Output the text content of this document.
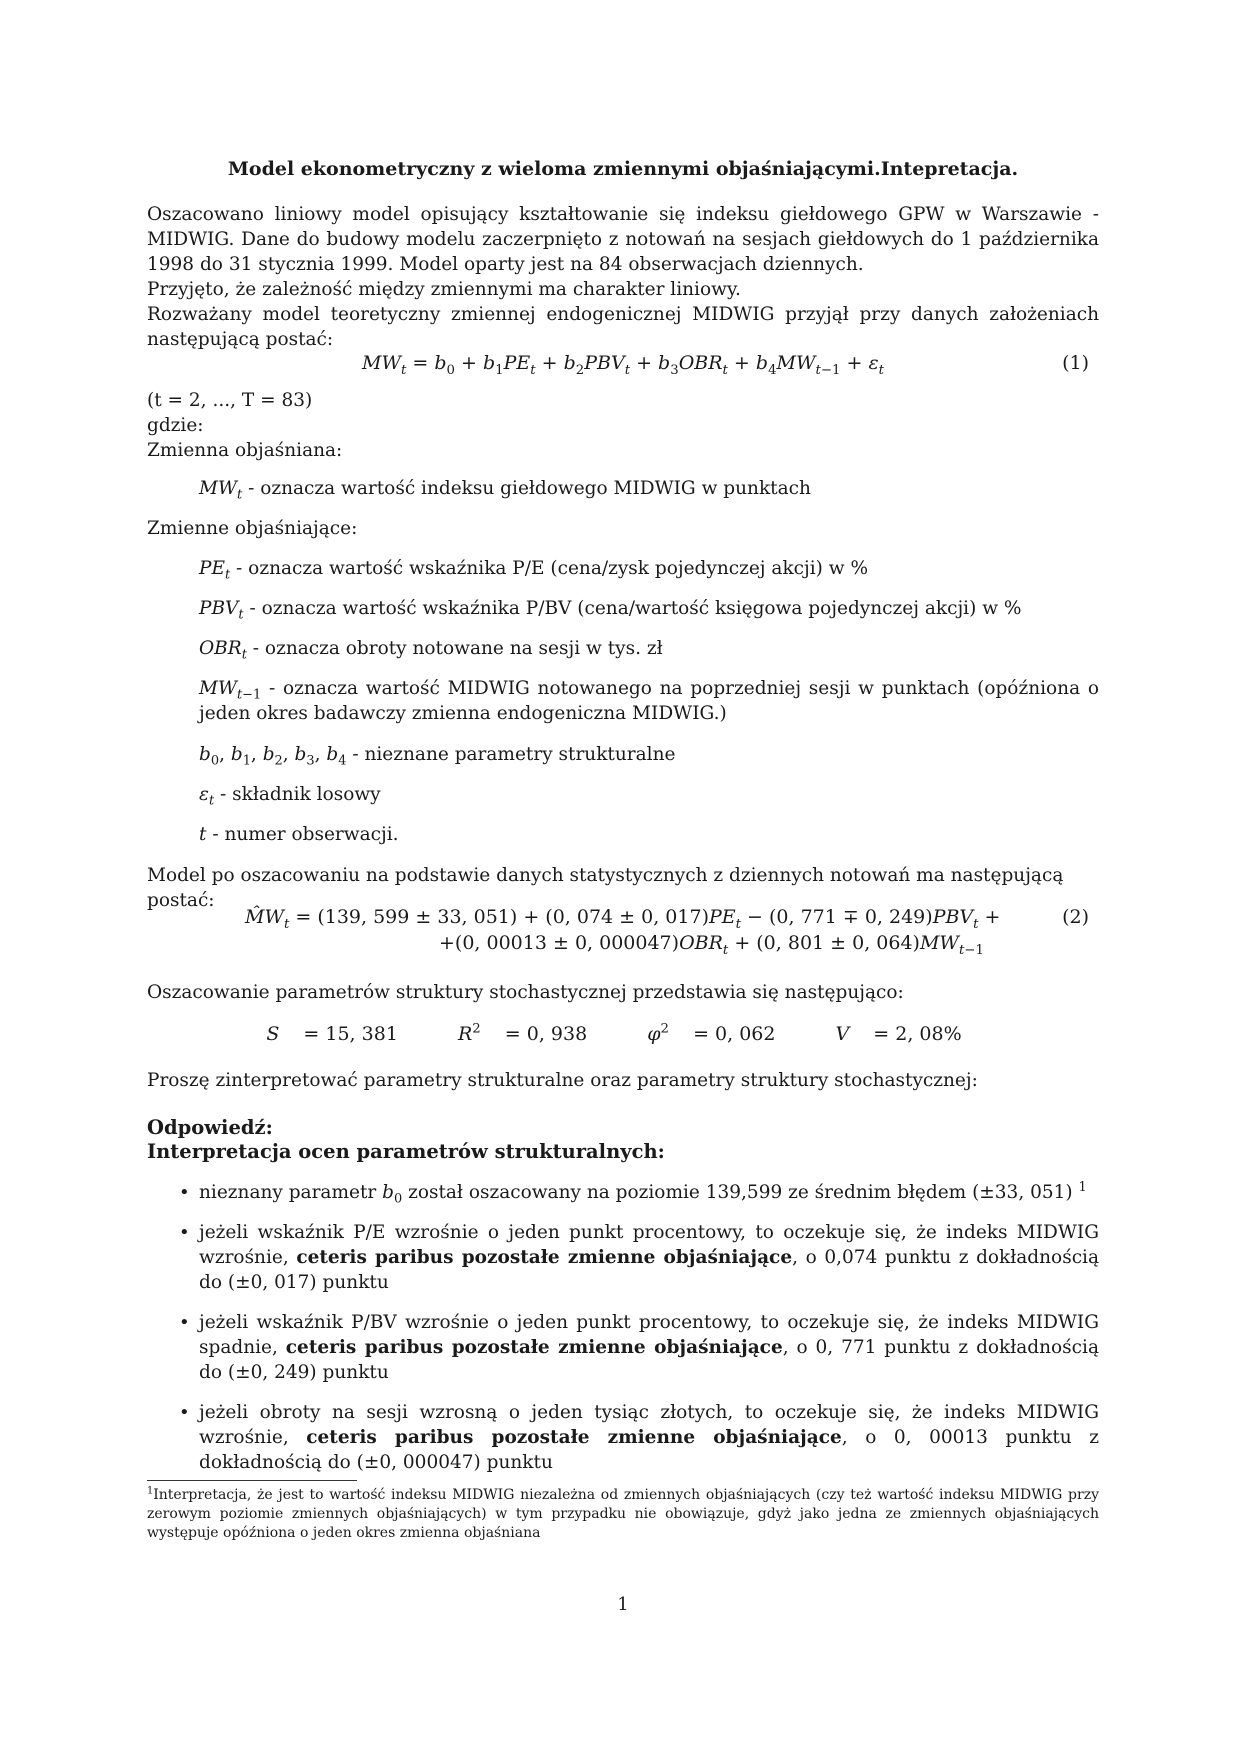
Model ekonometryczny z wieloma zmiennymi objaśniającymi.Intepretacja.
Oszacowano liniowy model opisujący kształtowanie się indeksu giełdowego GPW w Warszawie - MIDWIG. Dane do budowy modelu zaczerpnięto z notowań na sesjach giełdowych do 1 października 1998 do 31 stycznia 1999. Model oparty jest na 84 obserwacjach dziennych.
Przyjęto, że zależność między zmiennymi ma charakter liniowy.
Rozważany model teoretyczny zmiennej endogenicznej MIDWIG przyjął przy danych założeniach następującą postać:
$MW_t = b_0 + b_1PE_t + b_2PBV_t + b_3OBR_t + b_4MW_{t-1} + \varepsilon_t$	(1)
(t = 2, ..., T = 83)
gdzie:
Zmienna objaśniana:
$MW_t$ - oznacza wartość indeksu giełdowego MIDWIG w punktach
Zmienne objaśniające:
$PE_t$ - oznacza wartość wskaźnika P/E (cena/zysk pojedynczej akcji) w %
$PBV_t$ - oznacza wartość wskaźnika P/BV (cena/wartość księgowa pojedynczej akcji) w %
$OBR_t$ - oznacza obroty notowane na sesji w tys. zł
$MW_{t-1}$ - oznacza wartość MIDWIG notowanego na poprzedniej sesji w punktach (opóźniona o jeden okres badawczy zmienna endogeniczna MIDWIG.)
$b_0$, $b_1$, $b_2$, $b_3$, $b_4$ - nieznane parametry strukturalne
$\varepsilon_t$ - składnik losowy
t - numer obserwacji.
Model po oszacowaniu na podstawie danych statystycznych z dziennych notowań ma następującą postać:
$M̂W_t = (139$, 599 ± 33, 051) + (0, 074 ± 0, $017)PE_t - (0$, 771 ∓ 0, $249)PBV_t$ +	(2)
+(0, 00013 ± 0, $000047)OBR_t + (0$, 801 ± 0, $064)MW_{t-1}$
Oszacowanie parametrów struktury stochastycznej przedstawia się następująco:
S = 15, 381	$R^2 = 0$, 938	$\varphi^2 = 0$, 062	V = 2, 08%
Proszę zinterpretować parametry strukturalne oraz parametry struktury stochastycznej:
Odpowiedź:
Interpretacja ocen parametrów strukturalnych:
• nieznany parametr $b_0$ został oszacowany na poziomie 139,599 ze średnim błędem (±33, 051) $^1$
• jeżeli wskaźnik P/E wzrośnie o jeden punkt procentowy, to oczekuje się, że indeks MIDWIG wzrośnie, ceteris paribus pozostałe zmienne objaśniające, o 0,074 punktu z dokładnością do (±0, 017) punktu
• jeżeli wskaźnik P/BV wzrośnie o jeden punkt procentowy, to oczekuje się, że indeks MIDWIG spadnie, ceteris paribus pozostałe zmienne objaśniające, o 0, 771 punktu z dokładnością do (±0, 249) punktu
• jeżeli obroty na sesji wzrosną o jeden tysiąc złotych, to oczekuje się, że indeks MIDWIG wzrośnie, ceteris paribus pozostałe zmienne objaśniające, o 0, 00013 punktu z dokładnością do (±0, 000047) punktu
$^1$Interpretacja, że jest to wartość indeksu MIDWIG niezależna od zmiennych objaśniających (czy też wartość indeksu MIDWIG przy zerowym poziomie zmiennych objaśniających) w tym przypadku nie obowiązuje, gdyż jako jedna ze zmiennych objaśniających występuje opóźniona o jeden okres zmienna objaśniana
1
